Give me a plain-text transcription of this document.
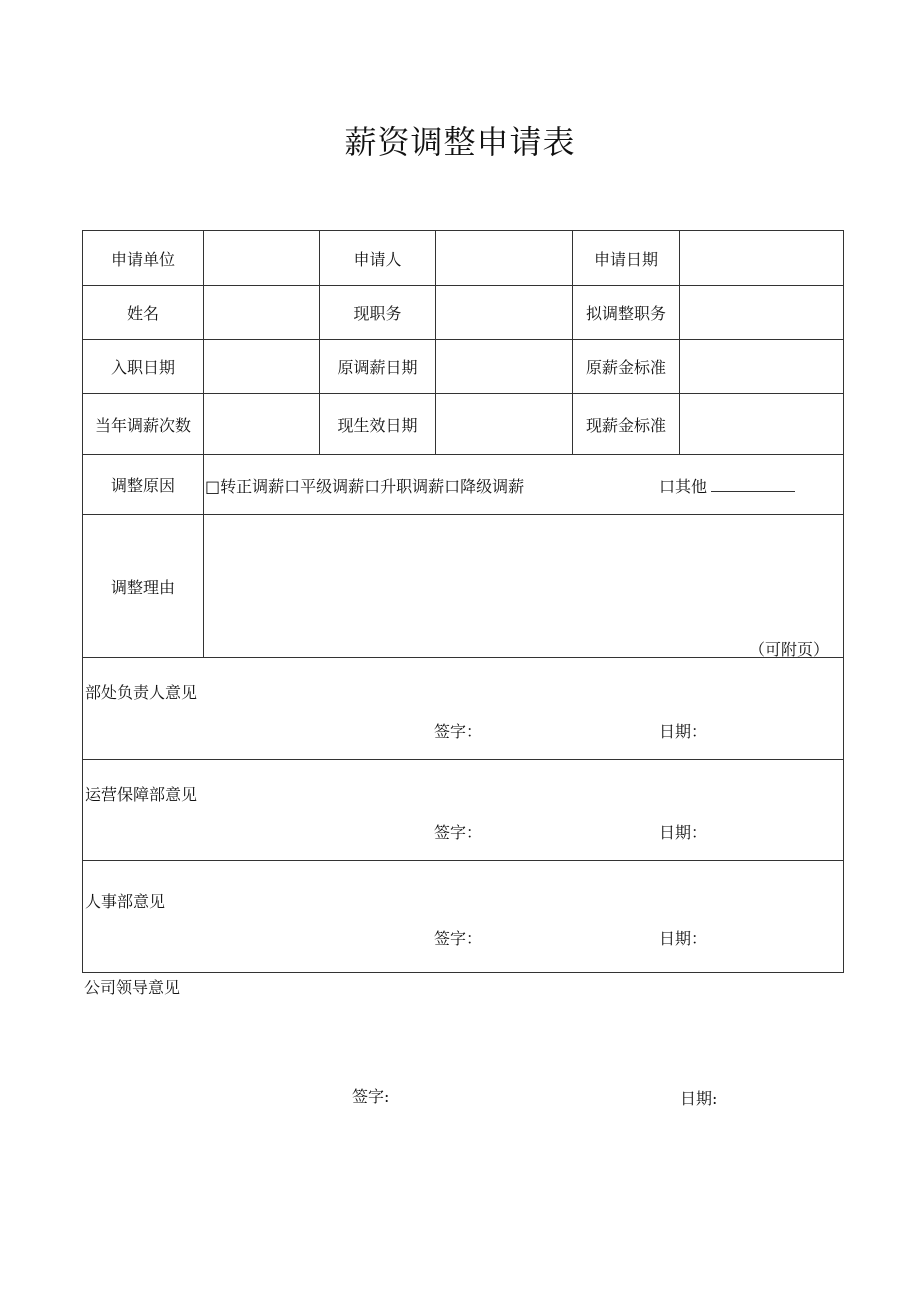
薪资调整申请表
申请单位	申请人	申请日期
姓名	现职务	拟调整职务
入职日期	原调薪日期	原薪金标准
当年调薪次数	现生效日期	现薪金标准
调整原因	□转正调薪口平级调薪口升职调薪口降级调薪	口其他
调整理由
（可附页）
部处负责人意见
签字：	日期：
运营保障部意见
签字：	日期：
人事部意见
签字：	日期：
公司领导意见
签字:	日期:
